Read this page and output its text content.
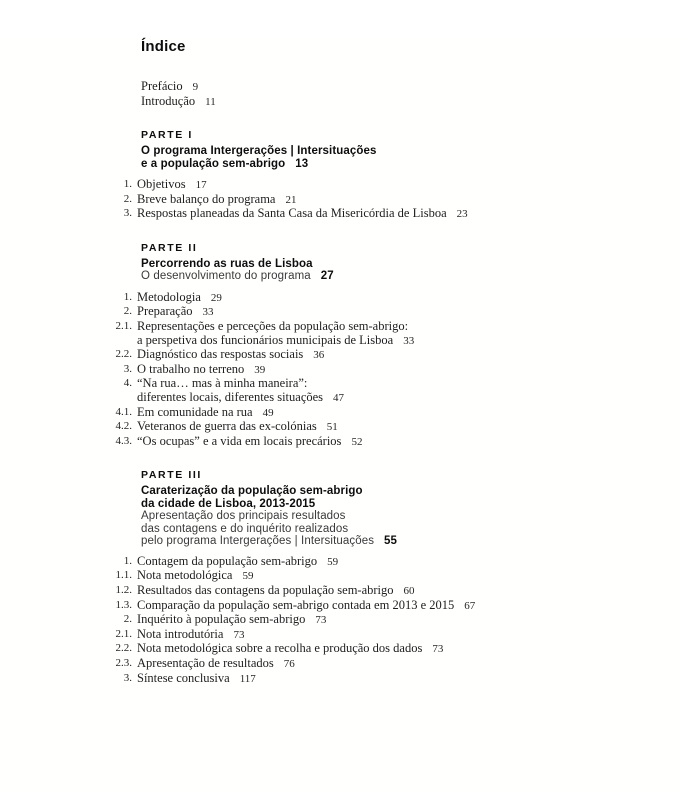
Índice
Prefácio 9
Introdução 11
PARTE I
O programa Intergerações | Intersituações
e a população sem-abrigo 13
1. Objetivos 17
2. Breve balanço do programa 21
3. Respostas planeadas da Santa Casa da Misericórdia de Lisboa 23
PARTE II
Percorrendo as ruas de Lisboa
O desenvolvimento do programa 27
1. Metodologia 29
2. Preparação 33
2.1. Representações e perceções da população sem-abrigo:
a perspetiva dos funcionários municipais de Lisboa 33
2.2. Diagnóstico das respostas sociais 36
3. O trabalho no terreno 39
4. “Na rua… mas à minha maneira”:
diferentes locais, diferentes situações 47
4.1. Em comunidade na rua 49
4.2. Veteranos de guerra das ex-colónias 51
4.3. “Os ocupas” e a vida em locais precários 52
PARTE III
Caraterização da população sem-abrigo
da cidade de Lisboa, 2013-2015
Apresentação dos principais resultados
das contagens e do inquérito realizados
pelo programa Intergerações | Intersituações 55
1. Contagem da população sem-abrigo 59
1.1. Nota metodológica 59
1.2. Resultados das contagens da população sem-abrigo 60
1.3. Comparação da população sem-abrigo contada em 2013 e 2015 67
2. Inquérito à população sem-abrigo 73
2.1. Nota introdutória 73
2.2. Nota metodológica sobre a recolha e produção dos dados 73
2.3. Apresentação de resultados 76
3. Síntese conclusiva 117
